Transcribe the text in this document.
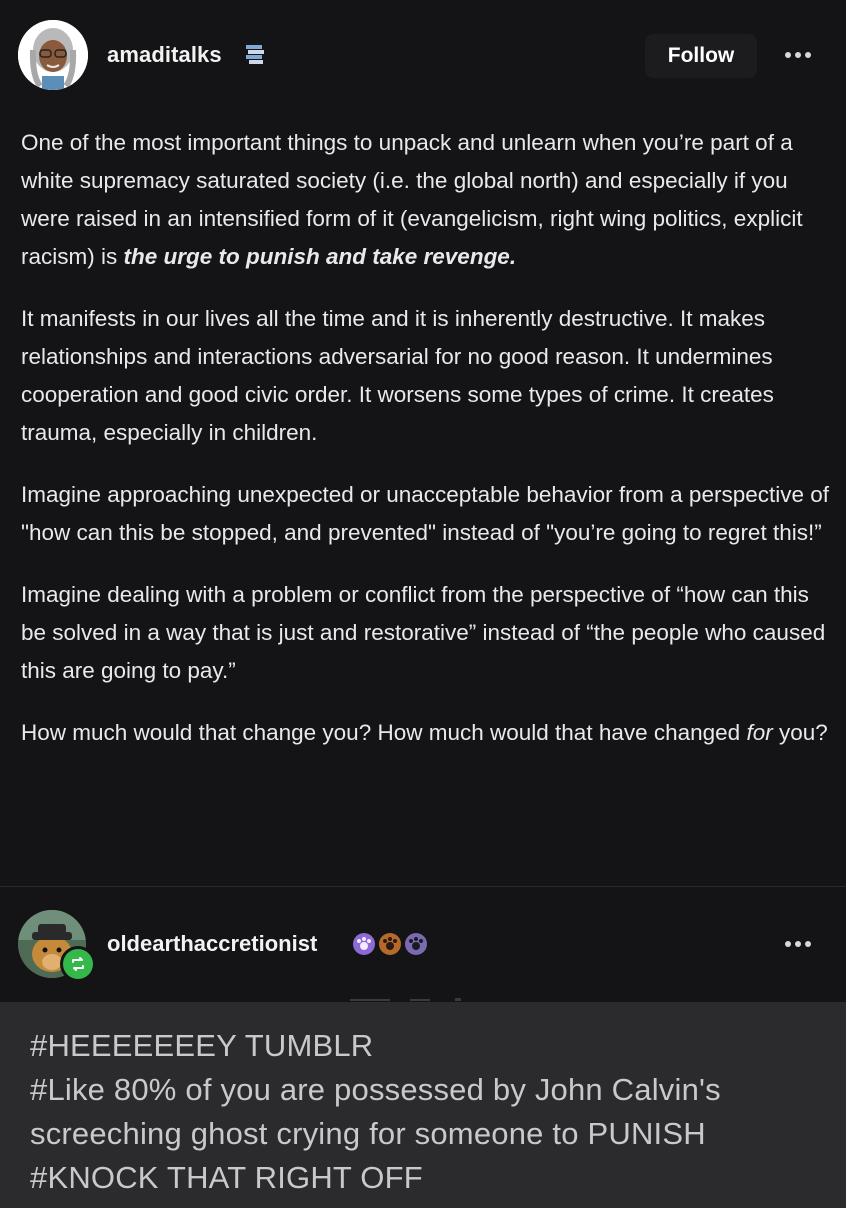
amaditalks	Follow

One of the most important things to unpack and unlearn when you’re part of a white supremacy saturated society (i.e. the global north) and especially if you were raised in an intensified form of it (evangelicism, right wing politics, explicit racism) is the urge to punish and take revenge.

It manifests in our lives all the time and it is inherently destructive. It makes relationships and interactions adversarial for no good reason. It undermines cooperation and good civic order. It worsens some types of crime. It creates trauma, especially in children.

Imagine approaching unexpected or unacceptable behavior from a perspective of "how can this be stopped, and prevented" instead of "you’re going to regret this!”

Imagine dealing with a problem or conflict from the perspective of “how can this be solved in a way that is just and restorative” instead of “the people who caused this are going to pay.”

How much would that change you? How much would that have changed for you?

oldearthaccretionist
#HEEEEEEEY TUMBLR
#Like 80% of you are possessed by John Calvin's screeching ghost crying for someone to PUNISH
#KNOCK THAT RIGHT OFF
